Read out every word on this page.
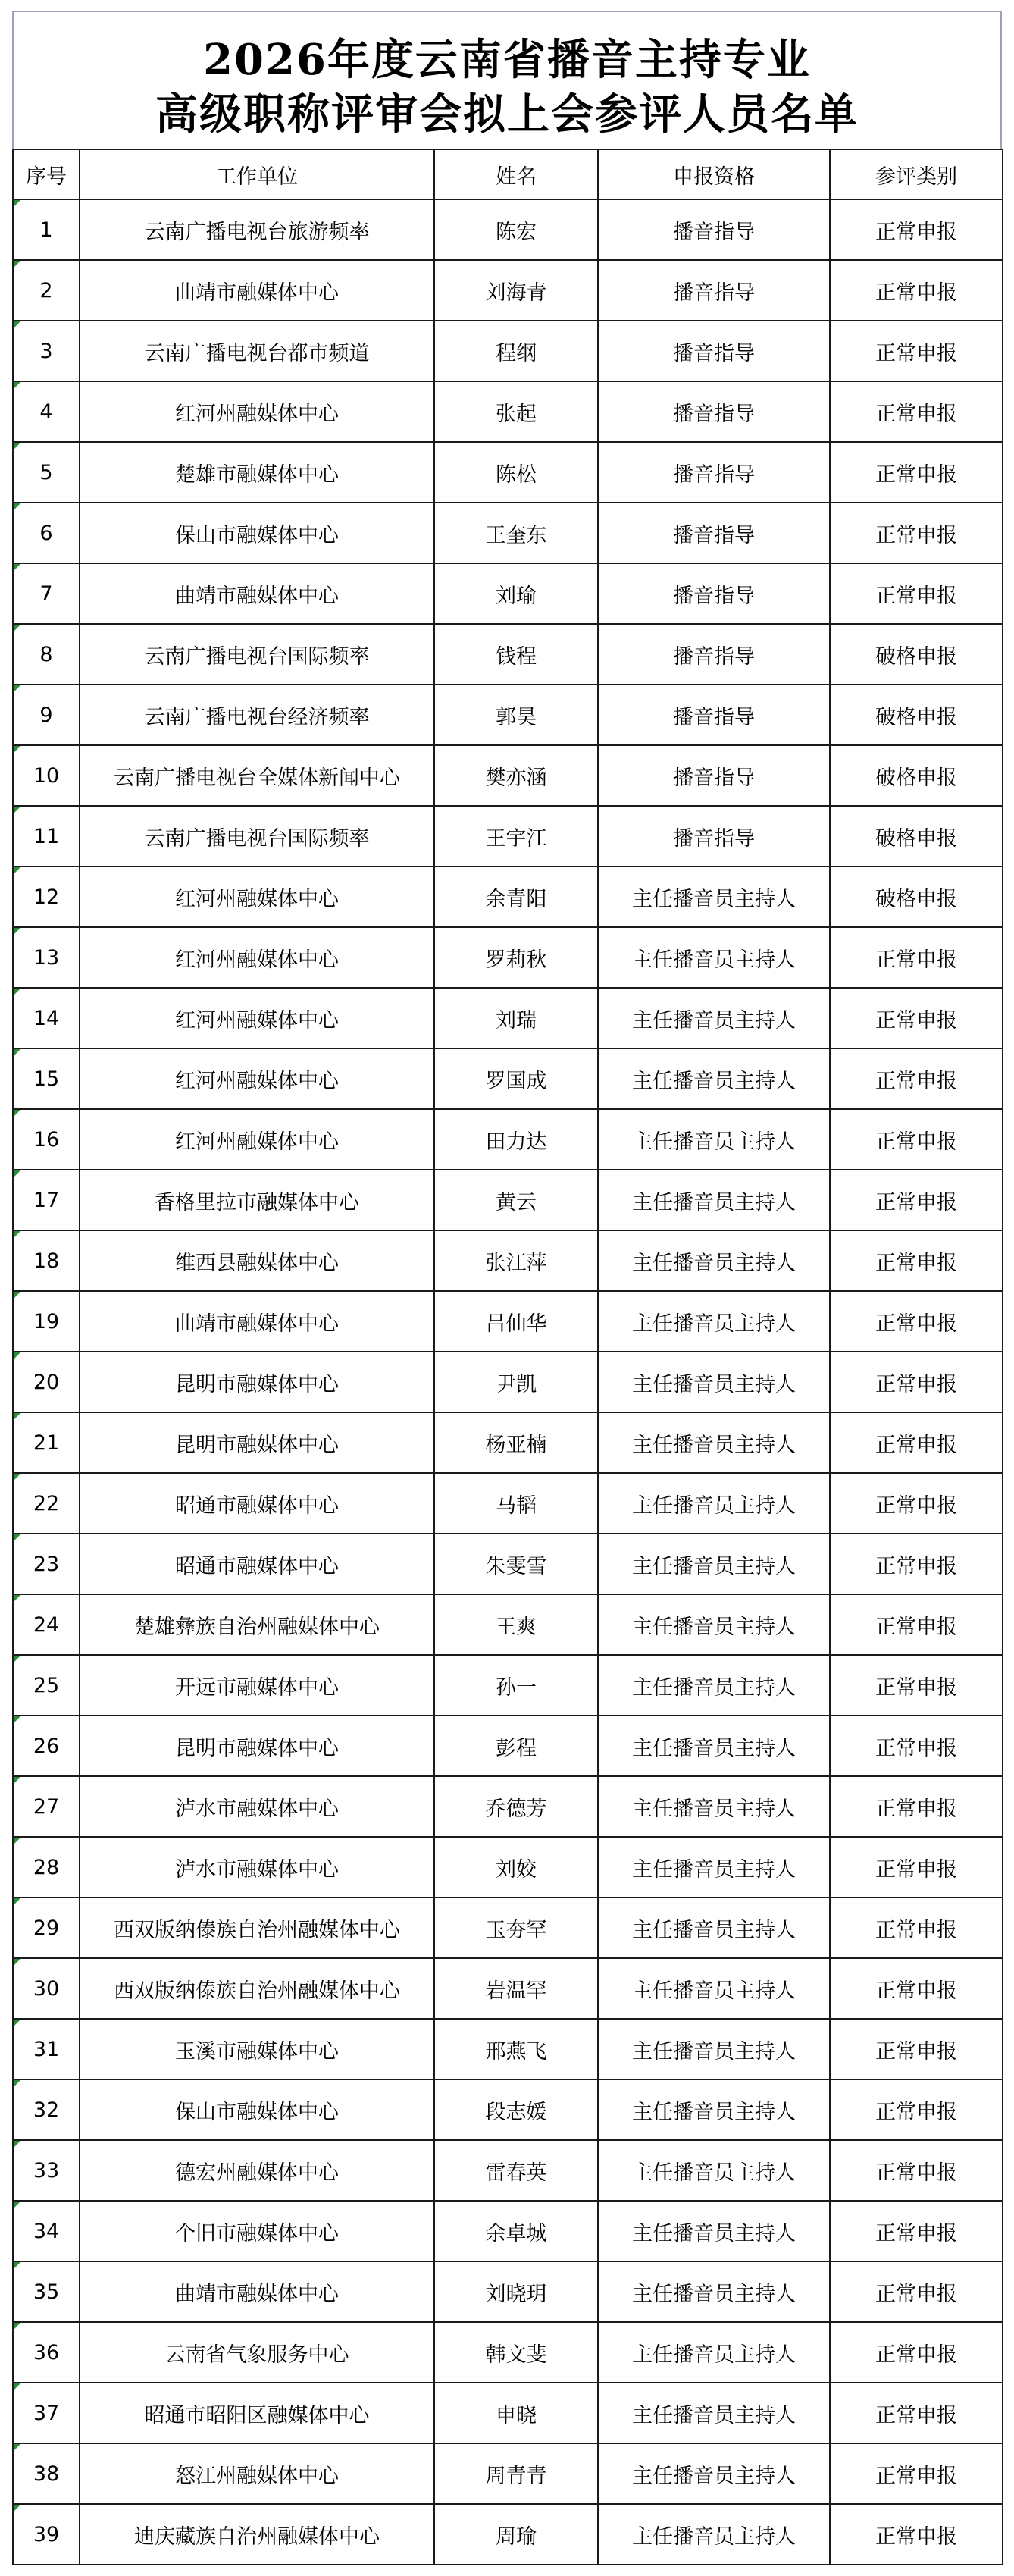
2026年度云南省播音主持专业
高级职称评审会拟上会参评人员名单
序号	工作单位	姓名	申报资格	参评类别
1	云南广播电视台旅游频率	陈宏	播音指导	正常申报
2	曲靖市融媒体中心	刘海青	播音指导	正常申报
3	云南广播电视台都市频道	程纲	播音指导	正常申报
4	红河州融媒体中心	张起	播音指导	正常申报
5	楚雄市融媒体中心	陈松	播音指导	正常申报
6	保山市融媒体中心	王奎东	播音指导	正常申报
7	曲靖市融媒体中心	刘瑜	播音指导	正常申报
8	云南广播电视台国际频率	钱程	播音指导	破格申报
9	云南广播电视台经济频率	郭昊	播音指导	破格申报
10	云南广播电视台全媒体新闻中心	樊亦涵	播音指导	破格申报
11	云南广播电视台国际频率	王宇江	播音指导	破格申报
12	红河州融媒体中心	余青阳	主任播音员主持人	破格申报
13	红河州融媒体中心	罗莉秋	主任播音员主持人	正常申报
14	红河州融媒体中心	刘瑞	主任播音员主持人	正常申报
15	红河州融媒体中心	罗国成	主任播音员主持人	正常申报
16	红河州融媒体中心	田力达	主任播音员主持人	正常申报
17	香格里拉市融媒体中心	黄云	主任播音员主持人	正常申报
18	维西县融媒体中心	张江萍	主任播音员主持人	正常申报
19	曲靖市融媒体中心	吕仙华	主任播音员主持人	正常申报
20	昆明市融媒体中心	尹凯	主任播音员主持人	正常申报
21	昆明市融媒体中心	杨亚楠	主任播音员主持人	正常申报
22	昭通市融媒体中心	马韬	主任播音员主持人	正常申报
23	昭通市融媒体中心	朱雯雪	主任播音员主持人	正常申报
24	楚雄彝族自治州融媒体中心	王爽	主任播音员主持人	正常申报
25	开远市融媒体中心	孙一	主任播音员主持人	正常申报
26	昆明市融媒体中心	彭程	主任播音员主持人	正常申报
27	泸水市融媒体中心	乔德芳	主任播音员主持人	正常申报
28	泸水市融媒体中心	刘姣	主任播音员主持人	正常申报
29	西双版纳傣族自治州融媒体中心	玉夯罕	主任播音员主持人	正常申报
30	西双版纳傣族自治州融媒体中心	岩温罕	主任播音员主持人	正常申报
31	玉溪市融媒体中心	邢燕飞	主任播音员主持人	正常申报
32	保山市融媒体中心	段志媛	主任播音员主持人	正常申报
33	德宏州融媒体中心	雷春英	主任播音员主持人	正常申报
34	个旧市融媒体中心	余卓城	主任播音员主持人	正常申报
35	曲靖市融媒体中心	刘晓玥	主任播音员主持人	正常申报
36	云南省气象服务中心	韩文斐	主任播音员主持人	正常申报
37	昭通市昭阳区融媒体中心	申晓	主任播音员主持人	正常申报
38	怒江州融媒体中心	周青青	主任播音员主持人	正常申报
39	迪庆藏族自治州融媒体中心	周瑜	主任播音员主持人	正常申报
